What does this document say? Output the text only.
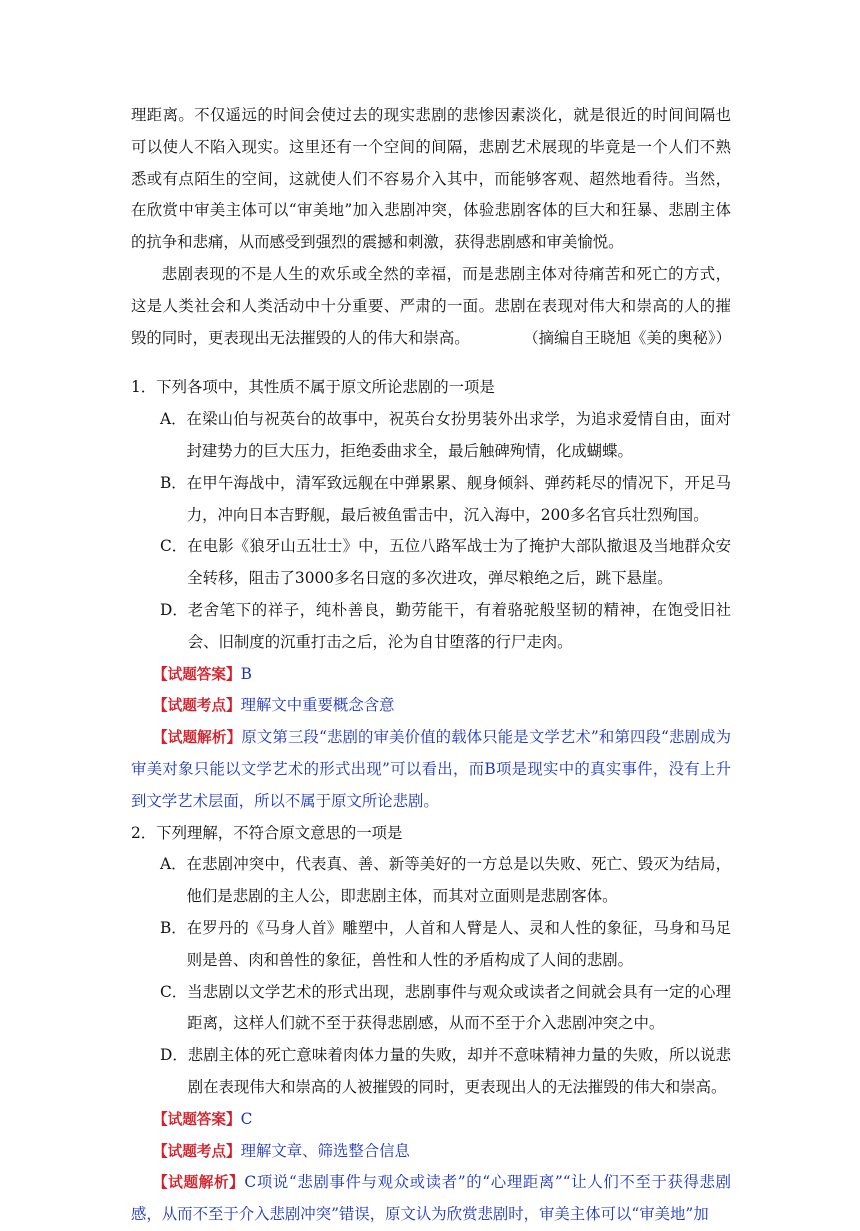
理距离。不仅遥远的时间会使过去的现实悲剧的悲惨因素淡化，就是很近的时间间隔也可以使人不陷入现实。这里还有一个空间的间隔，悲剧艺术展现的毕竟是一个人们不熟悉或有点陌生的空间，这就使人们不容易介入其中，而能够客观、超然地看待。当然，在欣赏中审美主体可以“审美地”加入悲剧冲突，体验悲剧客体的巨大和狂暴、悲剧主体的抗争和悲痛，从而感受到强烈的震撼和刺激，获得悲剧感和审美愉悦。

悲剧表现的不是人生的欢乐或全然的幸福，而是悲剧主体对待痛苦和死亡的方式，这是人类社会和人类活动中十分重要、严肃的一面。悲剧在表现对伟大和崇高的人的摧毁的同时，更表现出无法摧毁的人的伟大和崇高。	（摘编自王晓旭《美的奥秘》）

1．下列各项中，其性质不属于原文所论悲剧的一项是

A． 在梁山伯与祝英台的故事中，祝英台女扮男装外出求学，为追求爱情自由，面对封建势力的巨大压力，拒绝委曲求全，最后触碑殉情，化成蝴蝶。
B． 在甲午海战中，清军致远舰在中弹累累、舰身倾斜、弹药耗尽的情况下，开足马力，冲向日本吉野舰，最后被鱼雷击中，沉入海中，200多名官兵壮烈殉国。
C． 在电影《狼牙山五壮士》中，五位八路军战士为了掩护大部队撤退及当地群众安全转移，阻击了3000多名日寇的多次进攻，弹尽粮绝之后，跳下悬崖。
D． 老舍笔下的祥子，纯朴善良，勤劳能干，有着骆驼般坚韧的精神，在饱受旧社会、旧制度的沉重打击之后，沦为自甘堕落的行尸走肉。

【试题答案】B

【试题考点】理解文中重要概念含意

【试题解析】原文第三段“悲剧的审美价值的载体只能是文学艺术”和第四段“悲剧成为审美对象只能以文学艺术的形式出现”可以看出，而B项是现实中的真实事件，没有上升到文学艺术层面，所以不属于原文所论悲剧。

2．下列理解，不符合原文意思的一项是

A． 在悲剧冲突中，代表真、善、新等美好的一方总是以失败、死亡、毁灭为结局，他们是悲剧的主人公，即悲剧主体，而其对立面则是悲剧客体。
B． 在罗丹的《马身人首》雕塑中，人首和人臂是人、灵和人性的象征，马身和马足则是兽、肉和兽性的象征，兽性和人性的矛盾构成了人间的悲剧。
C． 当悲剧以文学艺术的形式出现，悲剧事件与观众或读者之间就会具有一定的心理距离，这样人们就不至于获得悲剧感，从而不至于介入悲剧冲突之中。
D． 悲剧主体的死亡意味着肉体力量的失败，却并不意味精神力量的失败，所以说悲剧在表现伟大和崇高的人被摧毁的同时，更表现出人的无法摧毁的伟大和崇高。

【试题答案】C

【试题考点】理解文章、筛选整合信息

【试题解析】C项说“悲剧事件与观众或读者”的“心理距离”“让人们不至于获得悲剧感，从而不至于介入悲剧冲突”错误，原文认为欣赏悲剧时，审美主体可以“审美地”加
